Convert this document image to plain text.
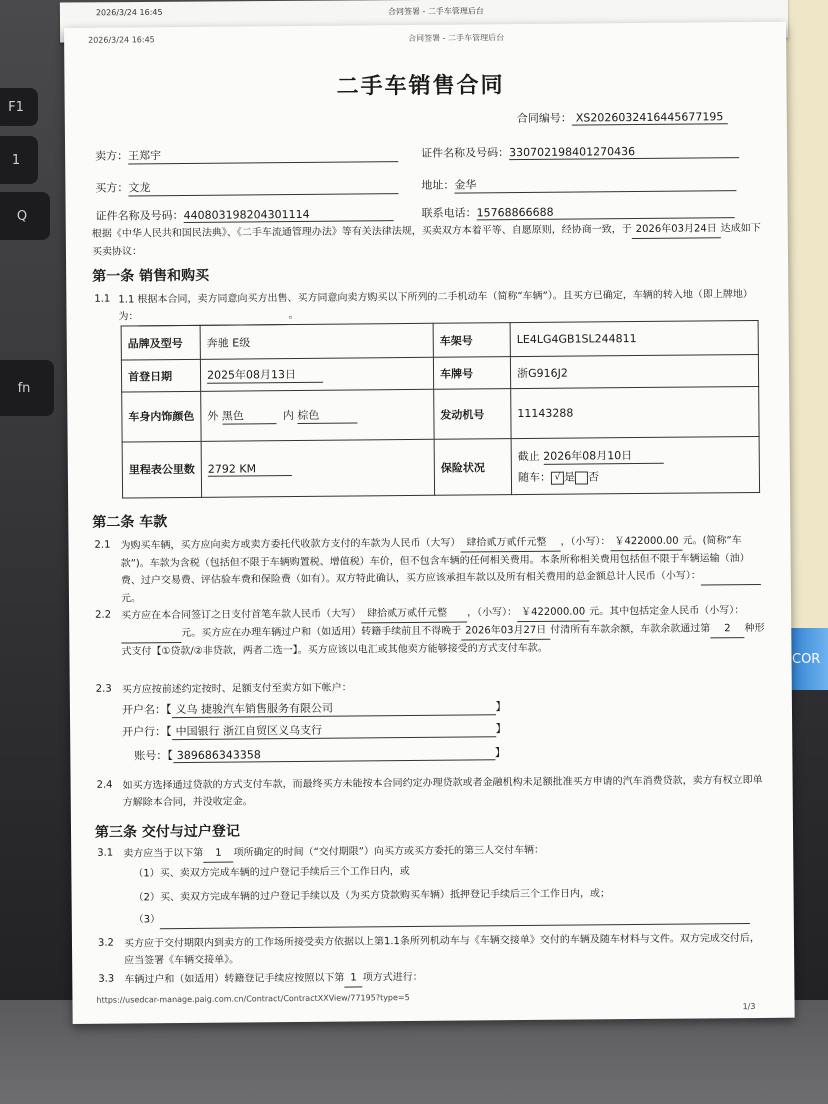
F1
1
Q
fn
COR
2026/3/24 16:45	合同签署 - 二手车管理后台
2026/3/24 16:45	合同签署 - 二手车管理后台
二手车销售合同
合同编号： XS2026032416445677195
卖方：王郑宇	证件名称及号码：330702198401270436
买方：文龙	地址：金华
证件名称及号码：440803198204301114	联系电话：15768866688
根据《中华人民共和国民法典》、《二手车流通管理办法》等有关法律法规，买卖双方本着平等、自愿原则，经协商一致，于 2026年03月24日 达成如下买卖协议：
第一条 销售和购买
1.1 1.1 根据本合同，卖方同意向买方出售、买方同意向卖方购买以下所列的二手机动车（简称“车辆”）。且买方已确定，车辆的转入地（即上牌地）为：	。
品牌及型号	奔驰 E级	车架号	LE4LG4GB1SL244811
首登日期	2025年08月13日	车牌号	浙G916J2
车身内饰颜色	外 黑色 内 棕色	发动机号	11143288
里程表公里数	2792 KM	保险状况	截止 2026年08月10日
随车： √ 是 否
第二条 车款
2.1 为购买车辆，买方应向卖方或卖方委托代收款方支付的车款为人民币（大写） 肆拾贰万贰仟元整 ，（小写）： ￥422000.00 元。(简称“车款”)。车款为含税（包括但不限于车辆购置税、增值税）车价，但不包含车辆的任何相关费用。本条所称相关费用包括但不限于车辆运输（油）费、过户交易费、评估验车费和保险费（如有）。双方特此确认，买方应该承担车款以及所有相关费用的总金额总计人民币（小写）： 元。
2.2 买方应在本合同签订之日支付首笔车款人民币（大写） 肆拾贰万贰仟元整 ，（小写）： ￥422000.00 元。其中包括定金人民币（小写）： 元。买方应在办理车辆过户和（如适用）转籍手续前且不得晚于 2026年03月27日 付清所有车款余额，车款余款通过第 2 种形式支付【①贷款/②非贷款，两者二选一】。买方应该以电汇或其他卖方能够接受的方式支付车款。
2.3 买方应按前述约定按时、足额支付至卖方如下帐户：
开户名：【 义乌 捷骏汽车销售服务有限公司	】
开户行：【 中国银行 浙江自贸区义乌支行	】
账号：【 389686343358	】
2.4 如买方选择通过贷款的方式支付车款，而最终买方未能按本合同约定办理贷款或者金融机构未足额批准买方申请的汽车消费贷款，卖方有权立即单方解除本合同，并没收定金。
第三条 交付与过户登记
3.1 卖方应当于以下第 1 项所确定的时间（“交付期限”）向买方或买方委托的第三人交付车辆：
（1）买、卖双方完成车辆的过户登记手续后三个工作日内，或
（2）买、卖双方完成车辆的过户登记手续以及（为买方贷款购买车辆）抵押登记手续后三个工作日内，或；
（3）
3.2 买方应于交付期限内到卖方的工作场所接受卖方依据以上第1.1条所列机动车与《车辆交接单》交付的车辆及随车材料与文件。双方完成交付后，应当签署《车辆交接单》。
3.3 车辆过户和（如适用）转籍登记手续应按照以下第 1 项方式进行：
https://usedcar-manage.paig.com.cn/Contract/ContractXXView/77195?type=5
1/3
